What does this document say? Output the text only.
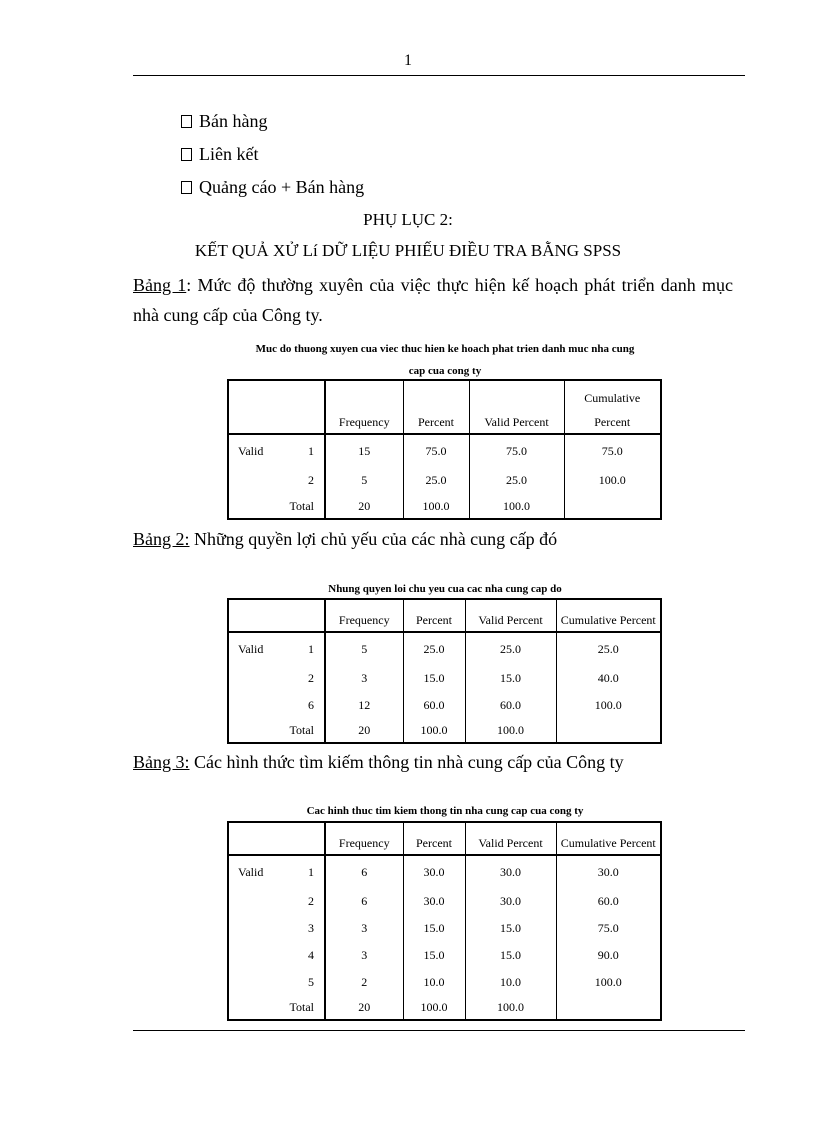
1
Bán hàng
Liên kết
Quảng cáo + Bán hàng
PHỤ LỤC 2:
KẾT QUẢ XỬ Lí DỮ LIỆU PHIẾU ĐIỀU TRA BẰNG SPSS
Bảng 1: Mức độ thường xuyên của việc thực hiện kế hoạch phát triển danh mục nhà cung cấp của Công ty.
Muc do thuong xuyen cua viec thuc hien ke hoach phat trien danh muc nha cung
cap cua cong ty
		Frequency	Percent	Valid Percent	Cumulative
Percent

Valid	1	15	75.0	75.0	75.0
	2	5	25.0	25.0	100.0
	Total	20	100.0	100.0	
Bảng 2: Những quyền lợi chủ yếu của các nhà cung cấp đó
Nhung quyen loi chu yeu cua cac nha cung cap do
		Frequency	Percent	Valid Percent	Cumulative Percent
Valid	1	5	25.0	25.0	25.0
	2	3	15.0	15.0	40.0
	6	12	60.0	60.0	100.0
	Total	20	100.0	100.0	
Bảng 3: Các hình thức tìm kiếm thông tin nhà cung cấp của Công ty
Cac hinh thuc tim kiem thong tin nha cung cap cua cong ty
		Frequency	Percent	Valid Percent	Cumulative Percent
Valid	1	6	30.0	30.0	30.0
	2	6	30.0	30.0	60.0
	3	3	15.0	15.0	75.0
	4	3	15.0	15.0	90.0
	5	2	10.0	10.0	100.0
	Total	20	100.0	100.0	
